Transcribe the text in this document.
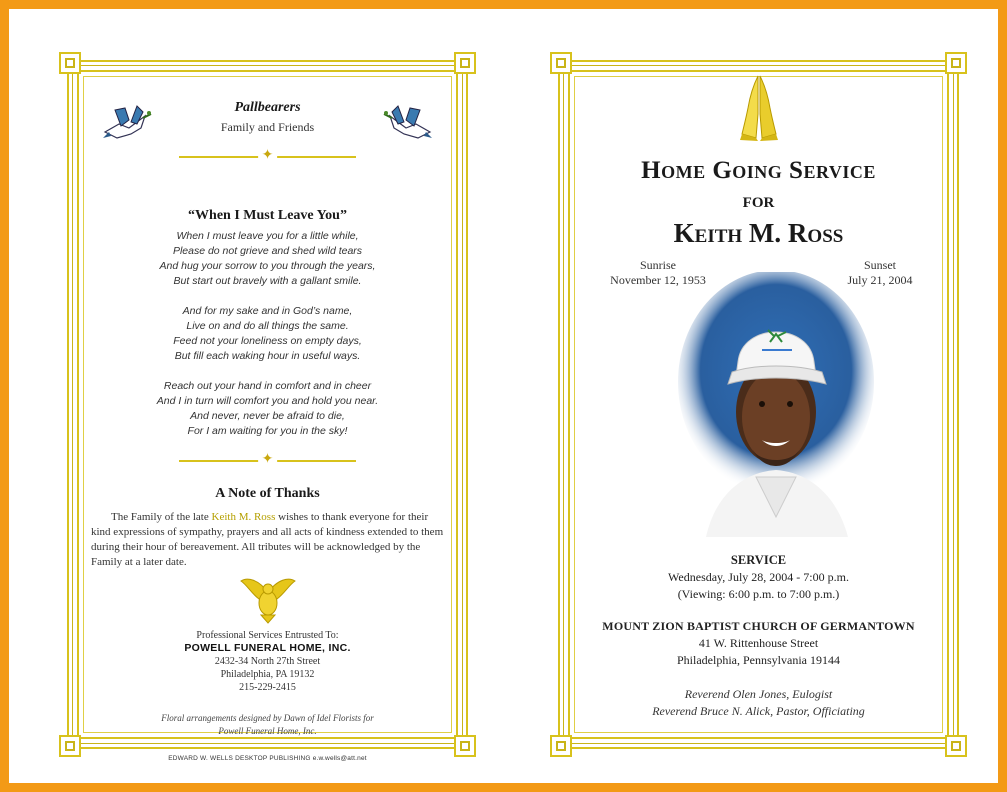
Pallbearers
Family and Friends
✦
“When I Must Leave You”
When I must leave you for a little while,
Please do not grieve and shed wild tears
And hug your sorrow to you through the years,
But start out bravely with a gallant smile.
And for my sake and in God’s name,
Live on and do all things the same.
Feed not your loneliness on empty days,
But fill each waking hour in useful ways.
Reach out your hand in comfort and in cheer
And I in turn will comfort you and hold you near.
And never, never be afraid to die,
For I am waiting for you in the sky!
✦
A Note of Thanks
The Family of the late Keith M. Ross wishes to thank everyone for their kind expressions of sympathy, prayers and all acts of kindness extended to them during their hour of bereavement. All tributes will be acknowledged by the Family at a later date.
Professional Services Entrusted To:
POWELL FUNERAL HOME, INC.
2432-34 North 27th Street
Philadelphia, PA 19132
215-229-2415
Floral arrangements designed by Dawn of Idel Florists for
Powell Funeral Home, Inc.
EDWARD W. WELLS DESKTOP PUBLISHING e.w.wells@att.net
Home Going Service
FOR
Keith M. Ross
Sunrise
November 12, 1953
Sunset
July 21, 2004
SERVICE
Wednesday, July 28, 2004 - 7:00 p.m.
(Viewing: 6:00 p.m. to 7:00 p.m.)
MOUNT ZION BAPTIST CHURCH OF GERMANTOWN
41 W. Rittenhouse Street
Philadelphia, Pennsylvania 19144
Reverend Olen Jones, Eulogist
Reverend Bruce N. Alick, Pastor, Officiating
